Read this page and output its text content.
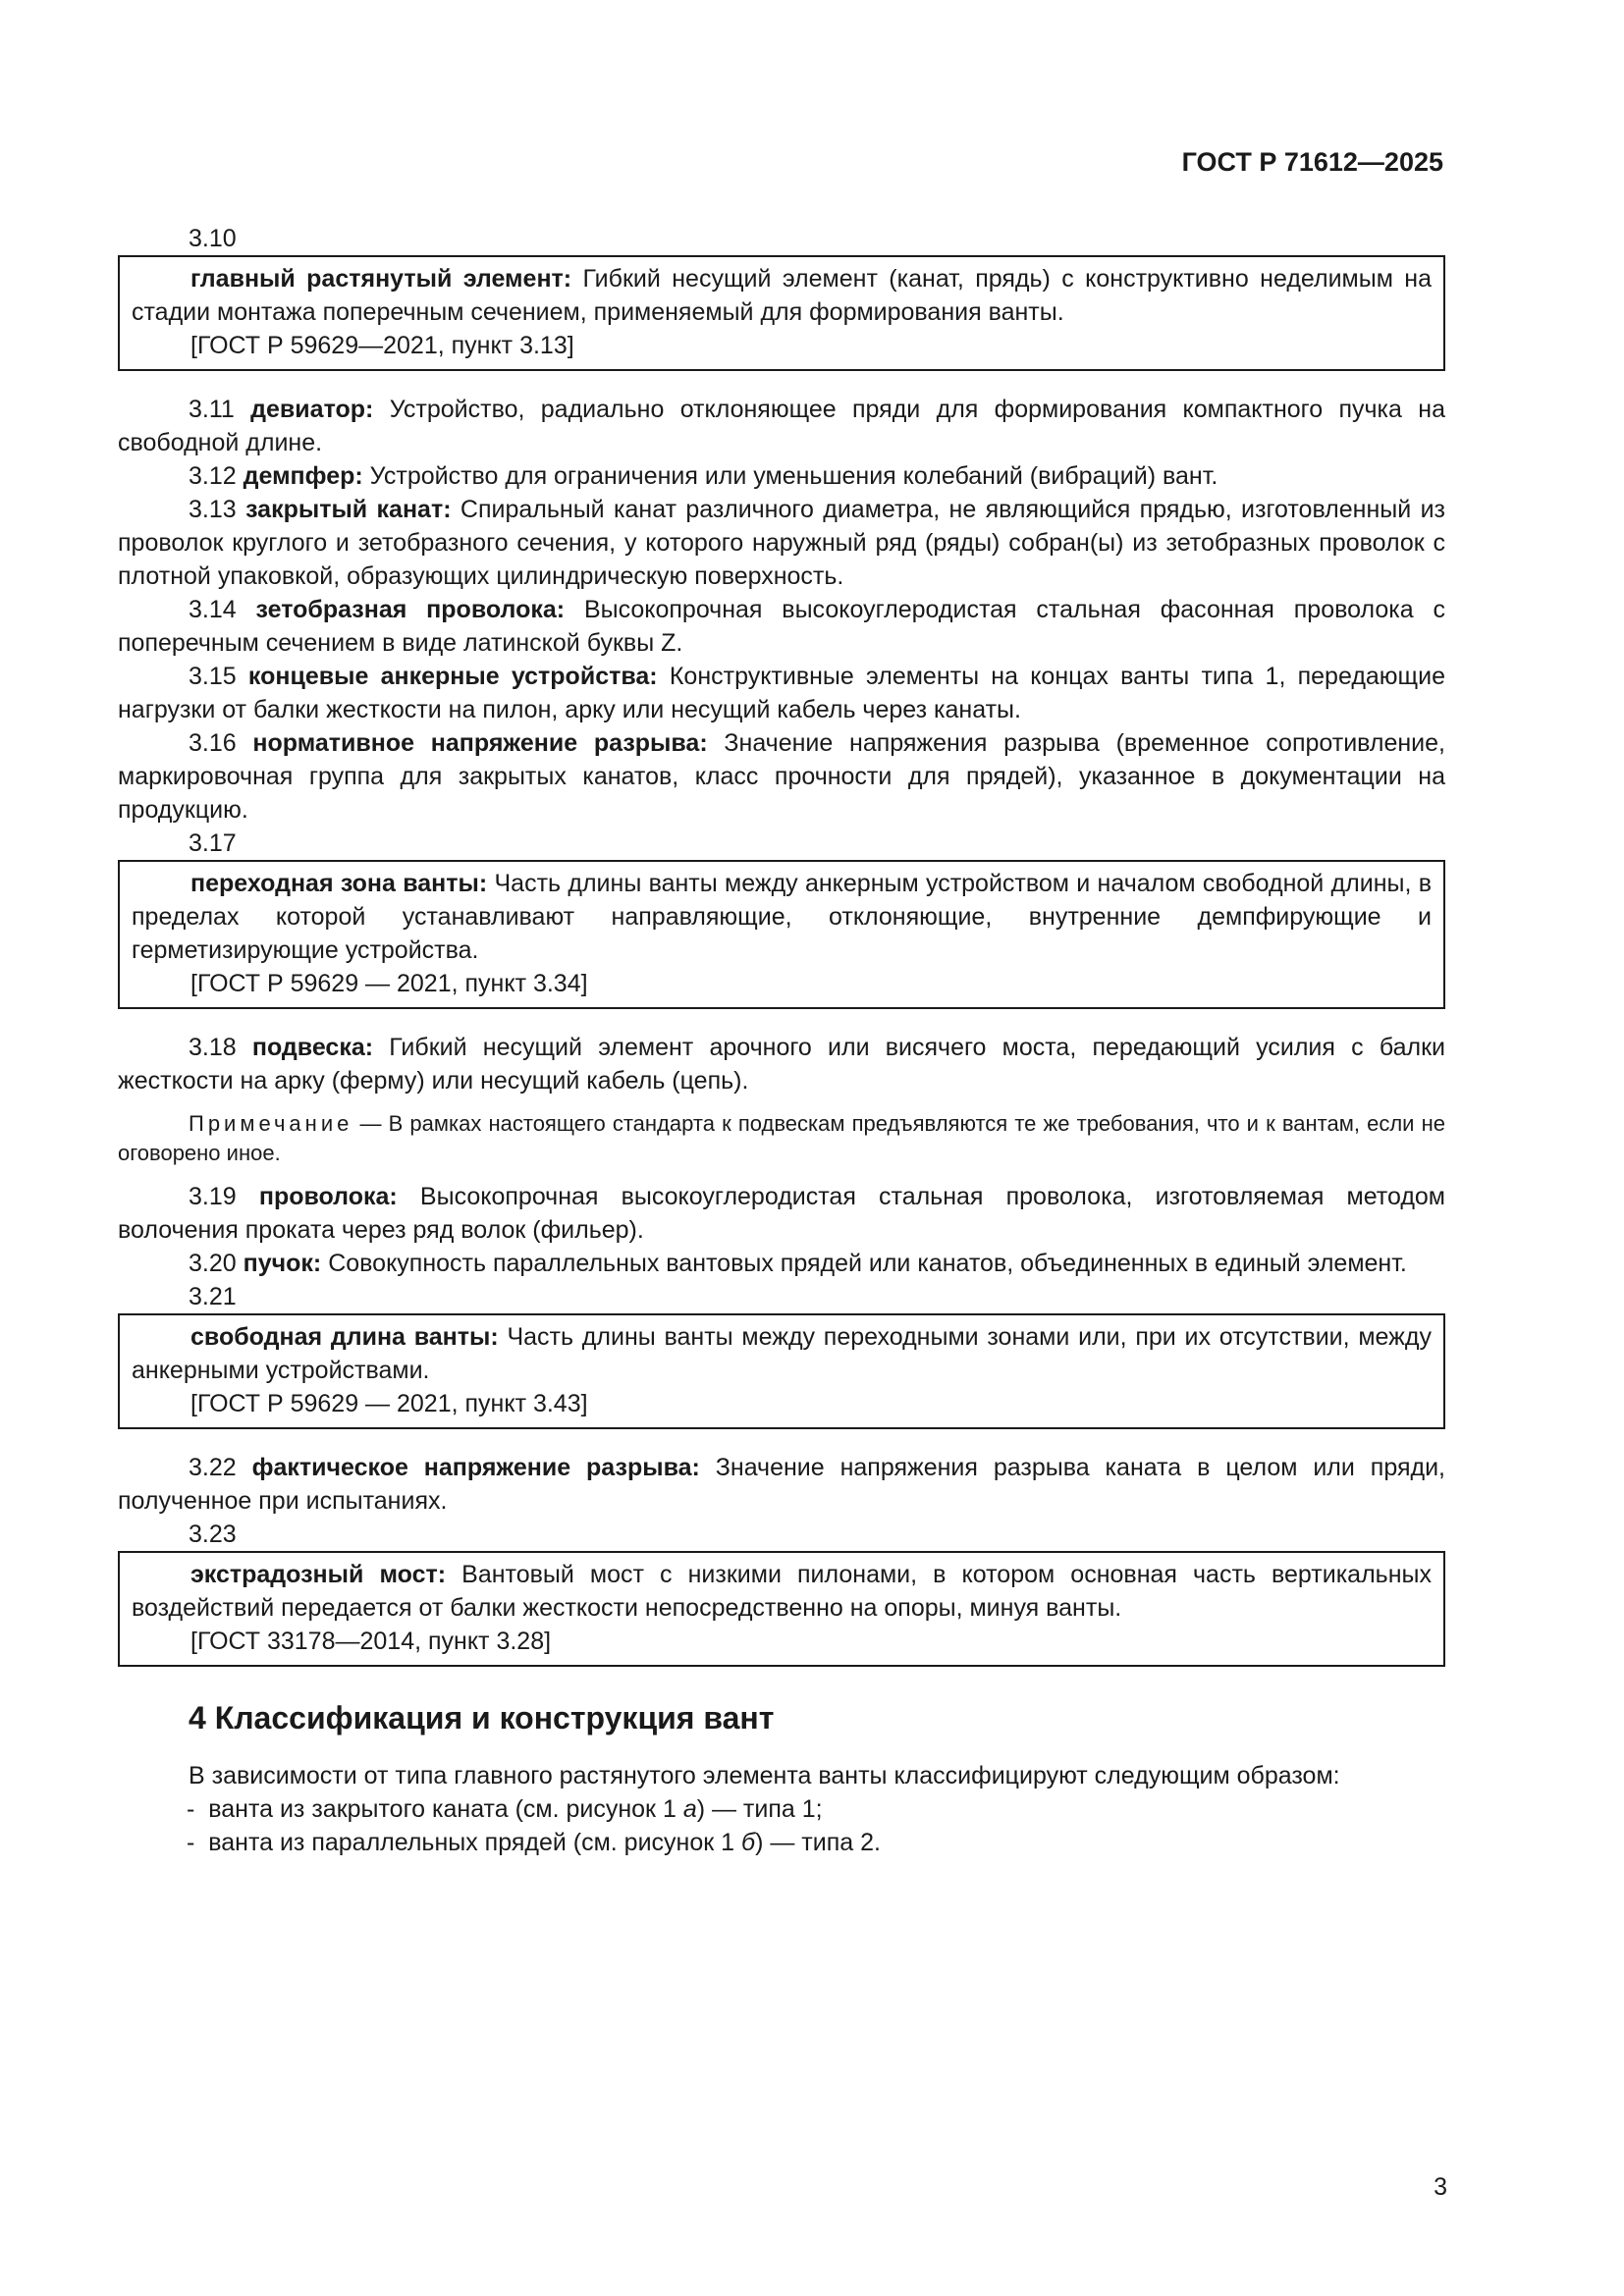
ГОСТ Р 71612—2025
3.10

главный растянутый элемент: Гибкий несущий элемент (канат, прядь) с конструктивно неделимым на стадии монтажа поперечным сечением, применяемый для формирования ванты.

[ГОСТ Р 59629—2021, пункт 3.13]

3.11 девиатор: Устройство, радиально отклоняющее пряди для формирования компактного пучка на свободной длине.

3.12 демпфер: Устройство для ограничения или уменьшения колебаний (вибраций) вант.

3.13 закрытый канат: Спиральный канат различного диаметра, не являющийся прядью, изготовленный из проволок круглого и зетобразного сечения, у которого наружный ряд (ряды) собран(ы) из зетобразных проволок с плотной упаковкой, образующих цилиндрическую поверхность.

3.14 зетобразная проволока: Высокопрочная высокоуглеродистая стальная фасонная проволока с поперечным сечением в виде латинской буквы Z.

3.15 концевые анкерные устройства: Конструктивные элементы на концах ванты типа 1, передающие нагрузки от балки жесткости на пилон, арку или несущий кабель через канаты.

3.16 нормативное напряжение разрыва: Значение напряжения разрыва (временное сопротивление, маркировочная группа для закрытых канатов, класс прочности для прядей), указанное в документации на продукцию.

3.17

переходная зона ванты: Часть длины ванты между анкерным устройством и началом свободной длины, в пределах которой устанавливают направляющие, отклоняющие, внутренние демпфирующие и герметизирующие устройства.

[ГОСТ Р 59629 — 2021, пункт 3.34]

3.18 подвеска: Гибкий несущий элемент арочного или висячего моста, передающий усилия с балки жесткости на арку (ферму) или несущий кабель (цепь).

Примечание — В рамках настоящего стандарта к подвескам предъявляются те же требования, что и к вантам, если не оговорено иное.

3.19 проволока: Высокопрочная высокоуглеродистая стальная проволока, изготовляемая методом волочения проката через ряд волок (фильер).

3.20 пучок: Совокупность параллельных вантовых прядей или канатов, объединенных в единый элемент.

3.21

свободная длина ванты: Часть длины ванты между переходными зонами или, при их отсутствии, между анкерными устройствами.

[ГОСТ Р 59629 — 2021, пункт 3.43]

3.22 фактическое напряжение разрыва: Значение напряжения разрыва каната в целом или пряди, полученное при испытаниях.

3.23

экстрадозный мост: Вантовый мост с низкими пилонами, в котором основная часть вертикальных воздействий передается от балки жесткости непосредственно на опоры, минуя ванты.

[ГОСТ 33178—2014, пункт 3.28]
4 Классификация и конструкция вант

В зависимости от типа главного растянутого элемента ванты классифицируют следующим образом:

- ванта из закрытого каната (см. рисунок 1 а) — типа 1;
- ванта из параллельных прядей (см. рисунок 1 б) — типа 2.
3
